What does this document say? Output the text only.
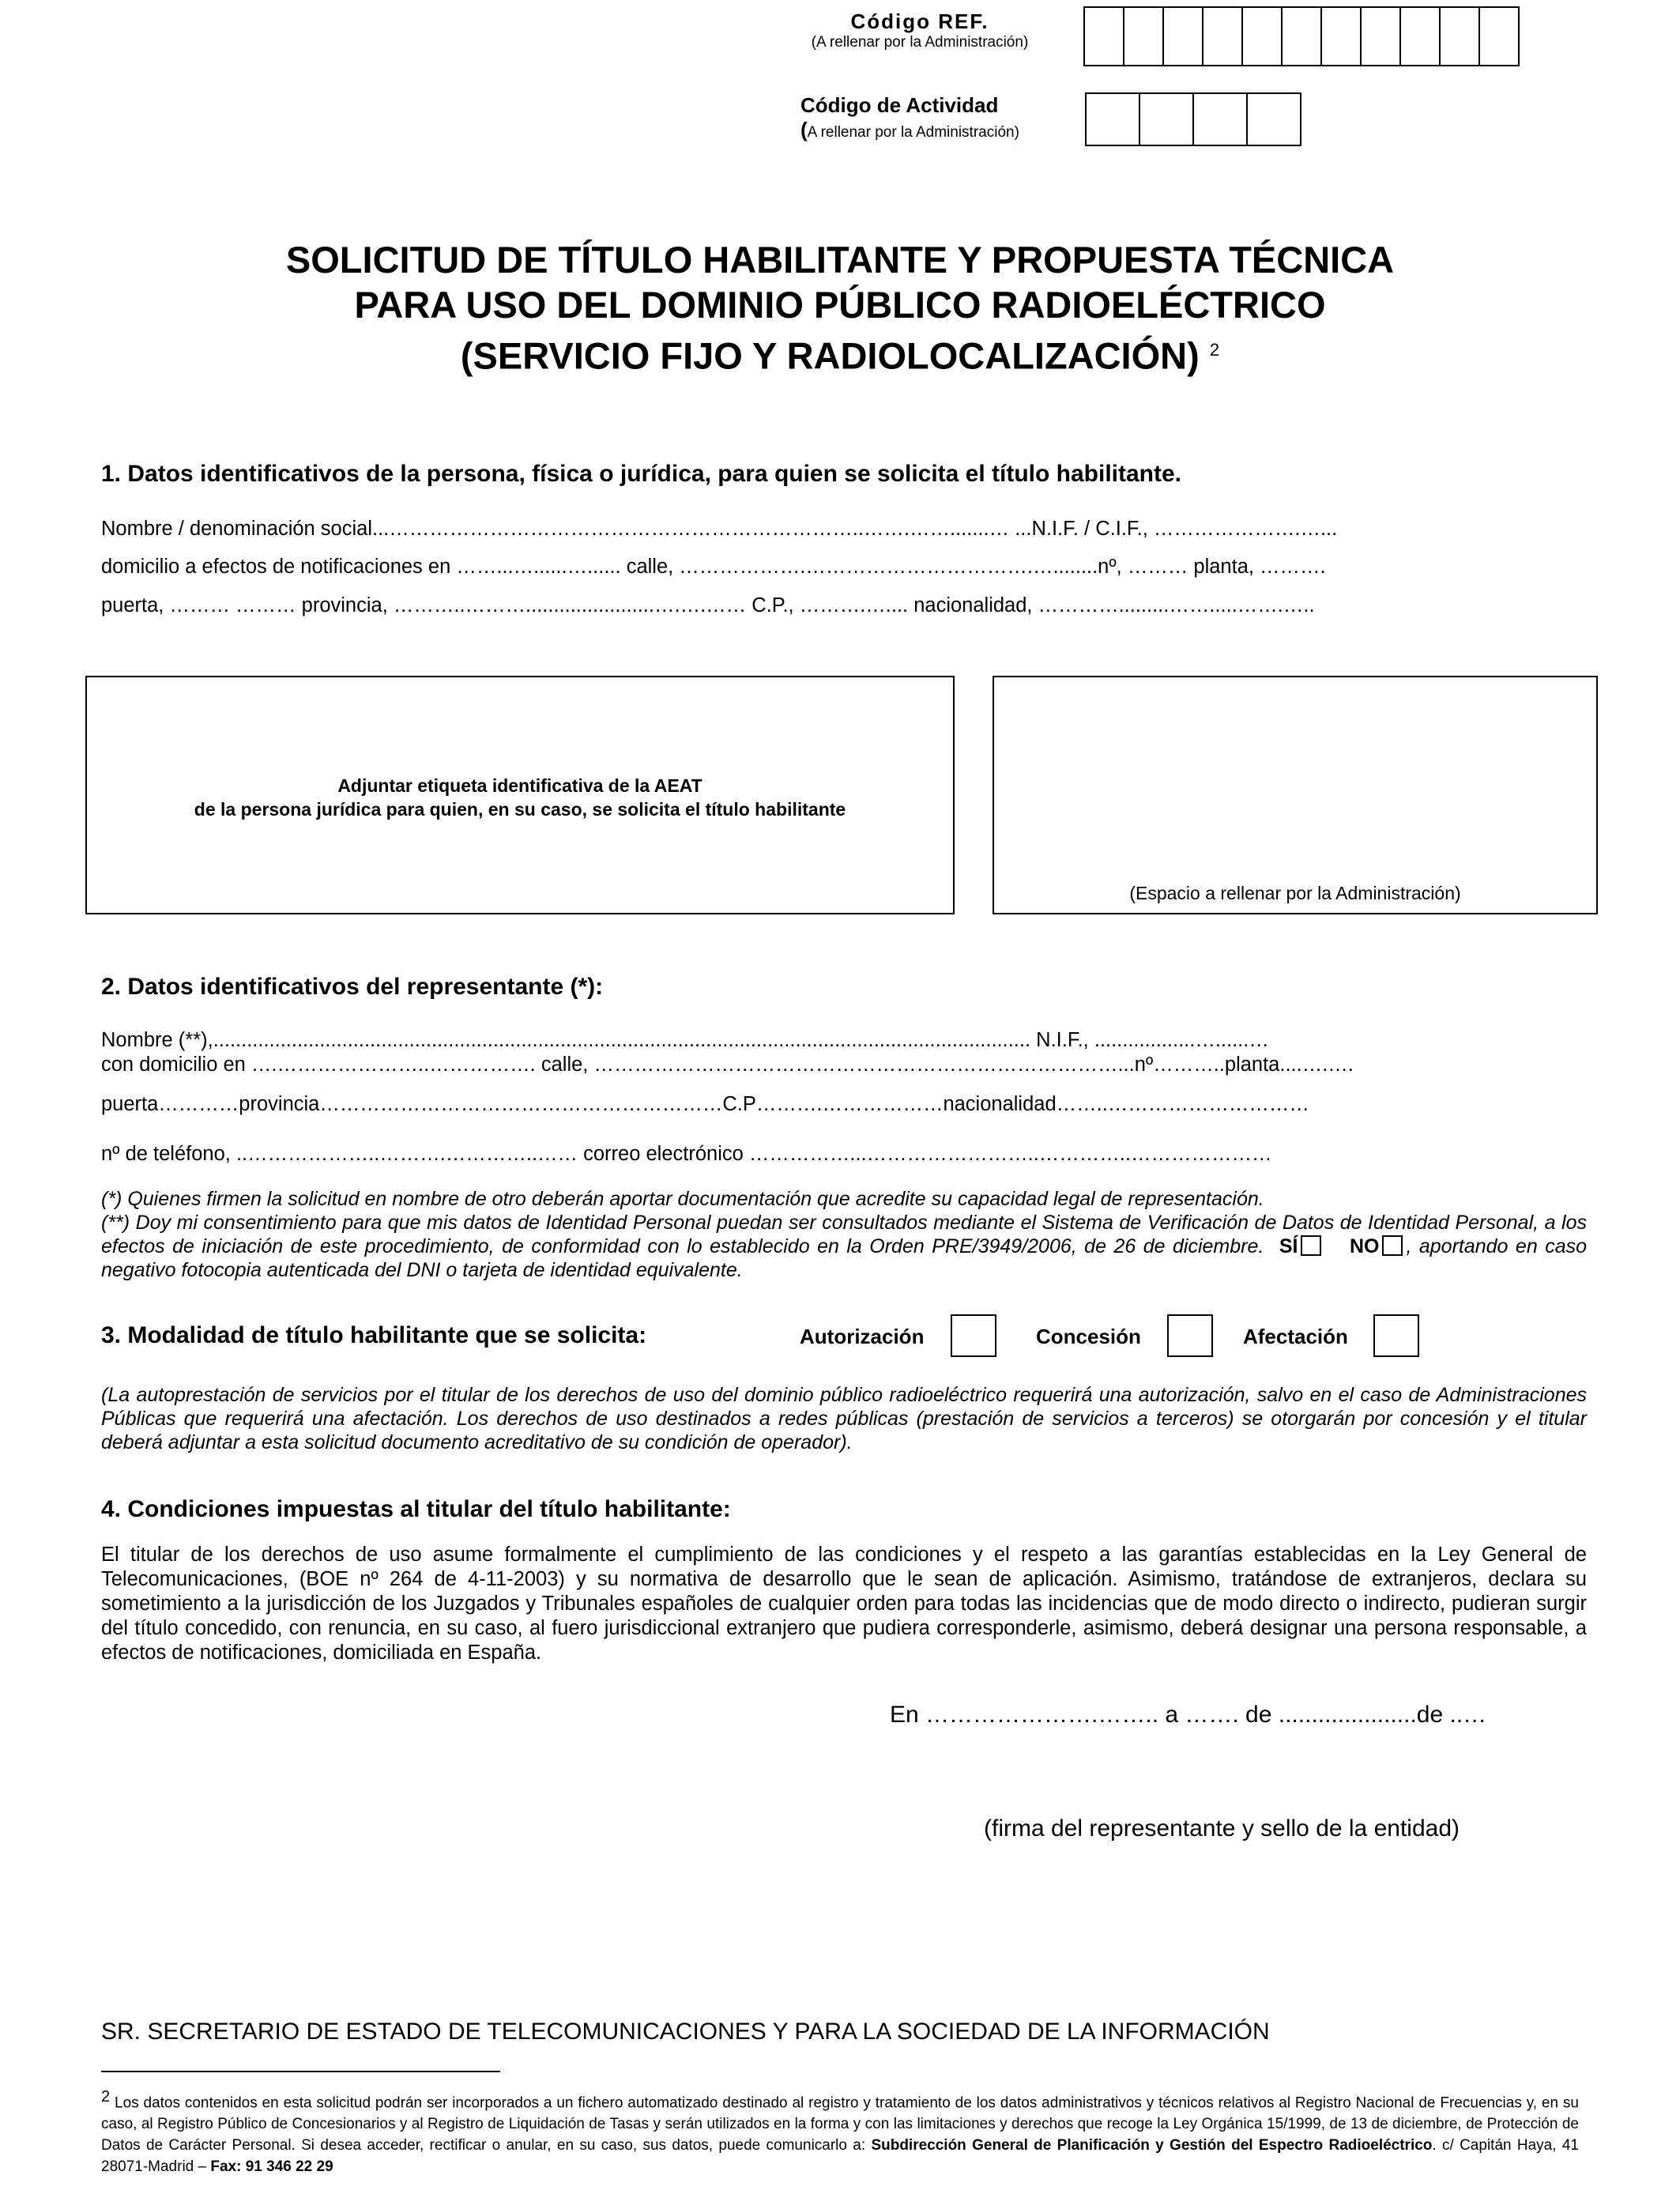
Código REF.
(A rellenar por la Administración)
Código de Actividad
(A rellenar por la Administración)
SOLICITUD DE TÍTULO HABILITANTE Y PROPUESTA TÉCNICA
PARA USO DEL DOMINIO PÚBLICO RADIOELÉCTRICO
(SERVICIO FIJO Y RADIOLOCALIZACIÓN) $^2$
1. Datos identificativos de la persona, física o jurídica, para quien se solicita el título habilitante.
Nombre / denominación social...……………………………………………………………..…….…….......… ...N.I.F. / C.I.F., ………………….…...
domicilio a efectos de notificaciones en ……...…......…...... calle, ……………….…………………………….…........nº, ……… planta, ……….
puerta, ……… ……… provincia, ………..……….......................….….…… C.P., ……….….... nacionalidad, ………….........…….....…….…..
Adjuntar etiqueta identificativa de la AEAT
de la persona jurídica para quien, en su caso, se solicita el título habilitante
(Espacio a rellenar por la Administración)
2. Datos identificativos del representante (*):
Nombre (**),.................................................................................................................................................. N.I.F., ..................…......…
con domicilio en ….…………………..……………. calle, ……………………………………………………………………...nº………..planta....….….
puerta…………provincia……………………………………………………C.P……….………………nacionalidad……..…………………………
nº de teléfono, ..………………..……….…………..…… correo electrónico ……………...……………………..…………..…………………
(*) Quienes firmen la solicitud en nombre de otro deberán aportar documentación que acredite su capacidad legal de representación.
(**) Doy mi consentimiento para que mis datos de Identidad Personal puedan ser consultados mediante el Sistema de Verificación de Datos de Identidad Personal, a los efectos de iniciación de este procedimiento, de conformidad con lo establecido en la Orden PRE/3949/2006, de 26 de diciembre. SÍ	NO , aportando en caso negativo fotocopia autenticada del DNI o tarjeta de identidad equivalente.
3. Modalidad de título habilitante que se solicita:	Autorización	Concesión	Afectación
(La autoprestación de servicios por el titular de los derechos de uso del dominio público radioeléctrico requerirá una autorización, salvo en el caso de Administraciones Públicas que requerirá una afectación. Los derechos de uso destinados a redes públicas (prestación de servicios a terceros) se otorgarán por concesión y el titular deberá adjuntar a esta solicitud documento acreditativo de su condición de operador).
4. Condiciones impuestas al titular del título habilitante:
El titular de los derechos de uso asume formalmente el cumplimiento de las condiciones y el respeto a las garantías establecidas en la Ley General de Telecomunicaciones, (BOE nº 264 de 4-11-2003) y su normativa de desarrollo que le sean de aplicación. Asimismo, tratándose de extranjeros, declara su sometimiento a la jurisdicción de los Juzgados y Tribunales españoles de cualquier orden para todas las incidencias que de modo directo o indirecto, pudieran surgir del título concedido, con renuncia, en su caso, al fuero jurisdiccional extranjero que pudiera corresponderle, asimismo, deberá designar una persona responsable, a efectos de notificaciones, domiciliada en España.
En ………………….…….. a ……. de .....................de ..…
(firma del representante y sello de la entidad)
SR. SECRETARIO DE ESTADO DE TELECOMUNICACIONES Y PARA LA SOCIEDAD DE LA INFORMACIÓN
$^2$ Los datos contenidos en esta solicitud podrán ser incorporados a un fichero automatizado destinado al registro y tratamiento de los datos administrativos y técnicos relativos al Registro Nacional de Frecuencias y, en su caso, al Registro Público de Concesionarios y al Registro de Liquidación de Tasas y serán utilizados en la forma y con las limitaciones y derechos que recoge la Ley Orgánica 15/1999, de 13 de diciembre, de Protección de Datos de Carácter Personal. Si desea acceder, rectificar o anular, en su caso, sus datos, puede comunicarlo a: Subdirección General de Planificación y Gestión del Espectro Radioeléctrico. c/ Capitán Haya, 41 28071-Madrid – Fax: 91 346 22 29
